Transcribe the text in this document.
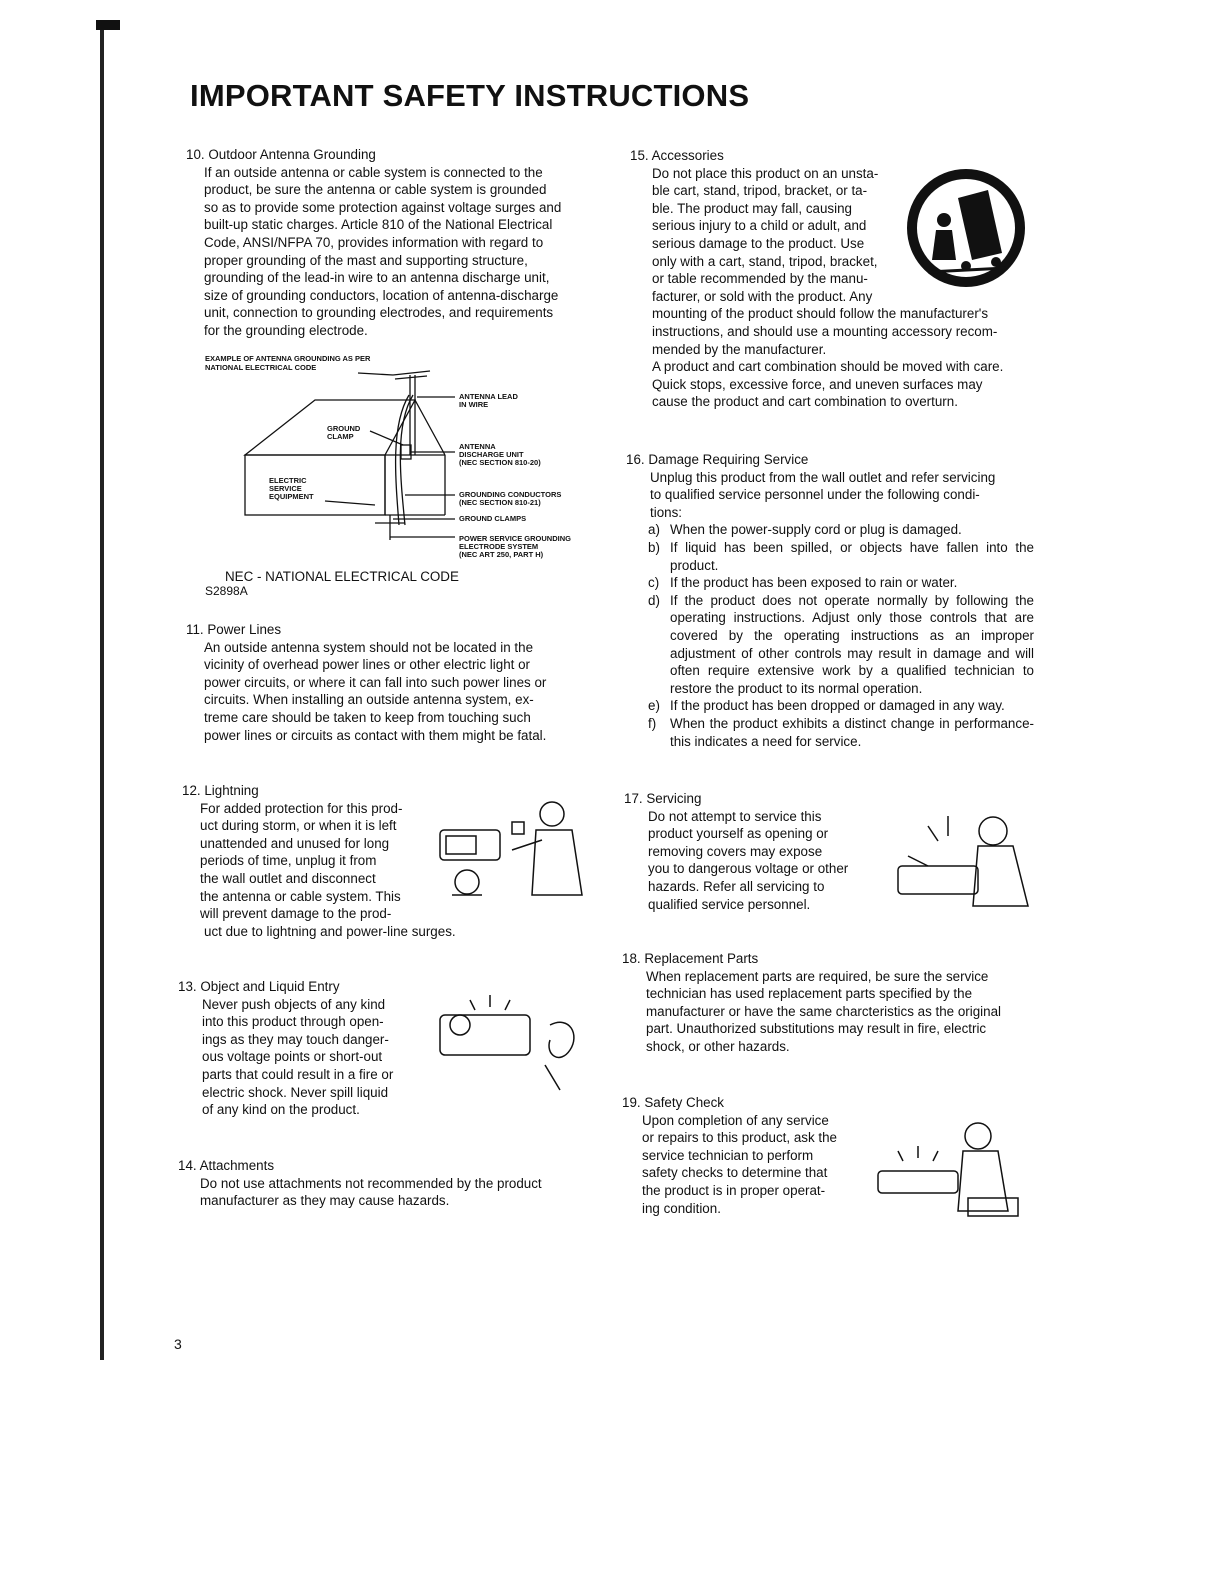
IMPORTANT SAFETY INSTRUCTIONS
10. Outdoor Antenna Grounding
If an outside antenna or cable system is connected to the
product, be sure the antenna or cable system is grounded
so as to provide some protection against voltage surges and
built-up static charges. Article 810 of the National Electrical
Code, ANSI/NFPA 70, provides information with regard to
proper grounding of the mast and supporting structure,
grounding of the lead-in wire to an antenna discharge unit,
size of grounding conductors, location of antenna-discharge
unit, connection to grounding electrodes, and requirements
for the grounding electrode.
EXAMPLE OF ANTENNA GROUNDING AS PER
NATIONAL ELECTRICAL CODE
ANTENNA LEAD
IN WIRE
GROUND
CLAMP
ANTENNA
DISCHARGE UNIT
(NEC SECTION 810-20)
ELECTRIC
SERVICE
EQUIPMENT	GROUNDING CONDUCTORS
(NEC SECTION 810-21)
GROUND CLAMPS
POWER SERVICE GROUNDING
ELECTRODE SYSTEM
(NEC ART 250, PART H)
NEC - NATIONAL ELECTRICAL CODE
S2898A
11. Power Lines
An outside antenna system should not be located in the
vicinity of overhead power lines or other electric light or
power circuits, or where it can fall into such power lines or
circuits. When installing an outside antenna system, ex-
treme care should be taken to keep from touching such
power lines or circuits as contact with them might be fatal.
12. Lightning
For added protection for this prod-
uct during storm, or when it is left
unattended and unused for long
periods of time, unplug it from
the wall outlet and disconnect
the antenna or cable system. This
will prevent damage to the prod-
uct due to lightning and power-line surges.
13. Object and Liquid Entry
Never push objects of any kind
into this product through open-
ings as they may touch danger-
ous voltage points or short-out
parts that could result in a fire or
electric shock. Never spill liquid
of any kind on the product.
14. Attachments
Do not use attachments not recommended by the product
manufacturer as they may cause hazards.
15. Accessories
Do not place this product on an unsta-
ble cart, stand, tripod, bracket, or ta-
ble. The product may fall, causing
serious injury to a child or adult, and
serious damage to the product. Use
only with a cart, stand, tripod, bracket,
or table recommended by the manu-
facturer, or sold with the product. Any
mounting of the product should follow the manufacturer's
instructions, and should use a mounting accessory recom-
mended by the manufacturer.
A product and cart combination should be moved with care.
Quick stops, excessive force, and uneven surfaces may
cause the product and cart combination to overturn.
16. Damage Requiring Service
Unplug this product from the wall outlet and refer servicing
to qualified service personnel under the following condi-
tions:
a) When the power-supply cord or plug is damaged.
b) If liquid has been spilled, or objects have fallen into the product.
c) If the product has been exposed to rain or water.
d) If the product does not operate normally by following the operating instructions. Adjust only those controls that are covered by the operating instructions as an improper adjustment of other controls may result in damage and will often require extensive work by a qualified technician to restore the product to its normal operation.
e) If the product has been dropped or damaged in any way.
f)	When the product exhibits a distinct change in performance-this indicates a need for service.
17. Servicing
Do not attempt to service this
product yourself as opening or
removing covers may expose
you to dangerous voltage or other
hazards. Refer all servicing to
qualified service personnel.
18. Replacement Parts
When replacement parts are required, be sure the service
technician has used replacement parts specified by the
manufacturer or have the same charcteristics as the original
part. Unauthorized substitutions may result in fire, electric
shock, or other hazards.
19. Safety Check
Upon completion of any service
or repairs to this product, ask the
service technician to perform
safety checks to determine that
the product is in proper operat-
ing condition.
3
